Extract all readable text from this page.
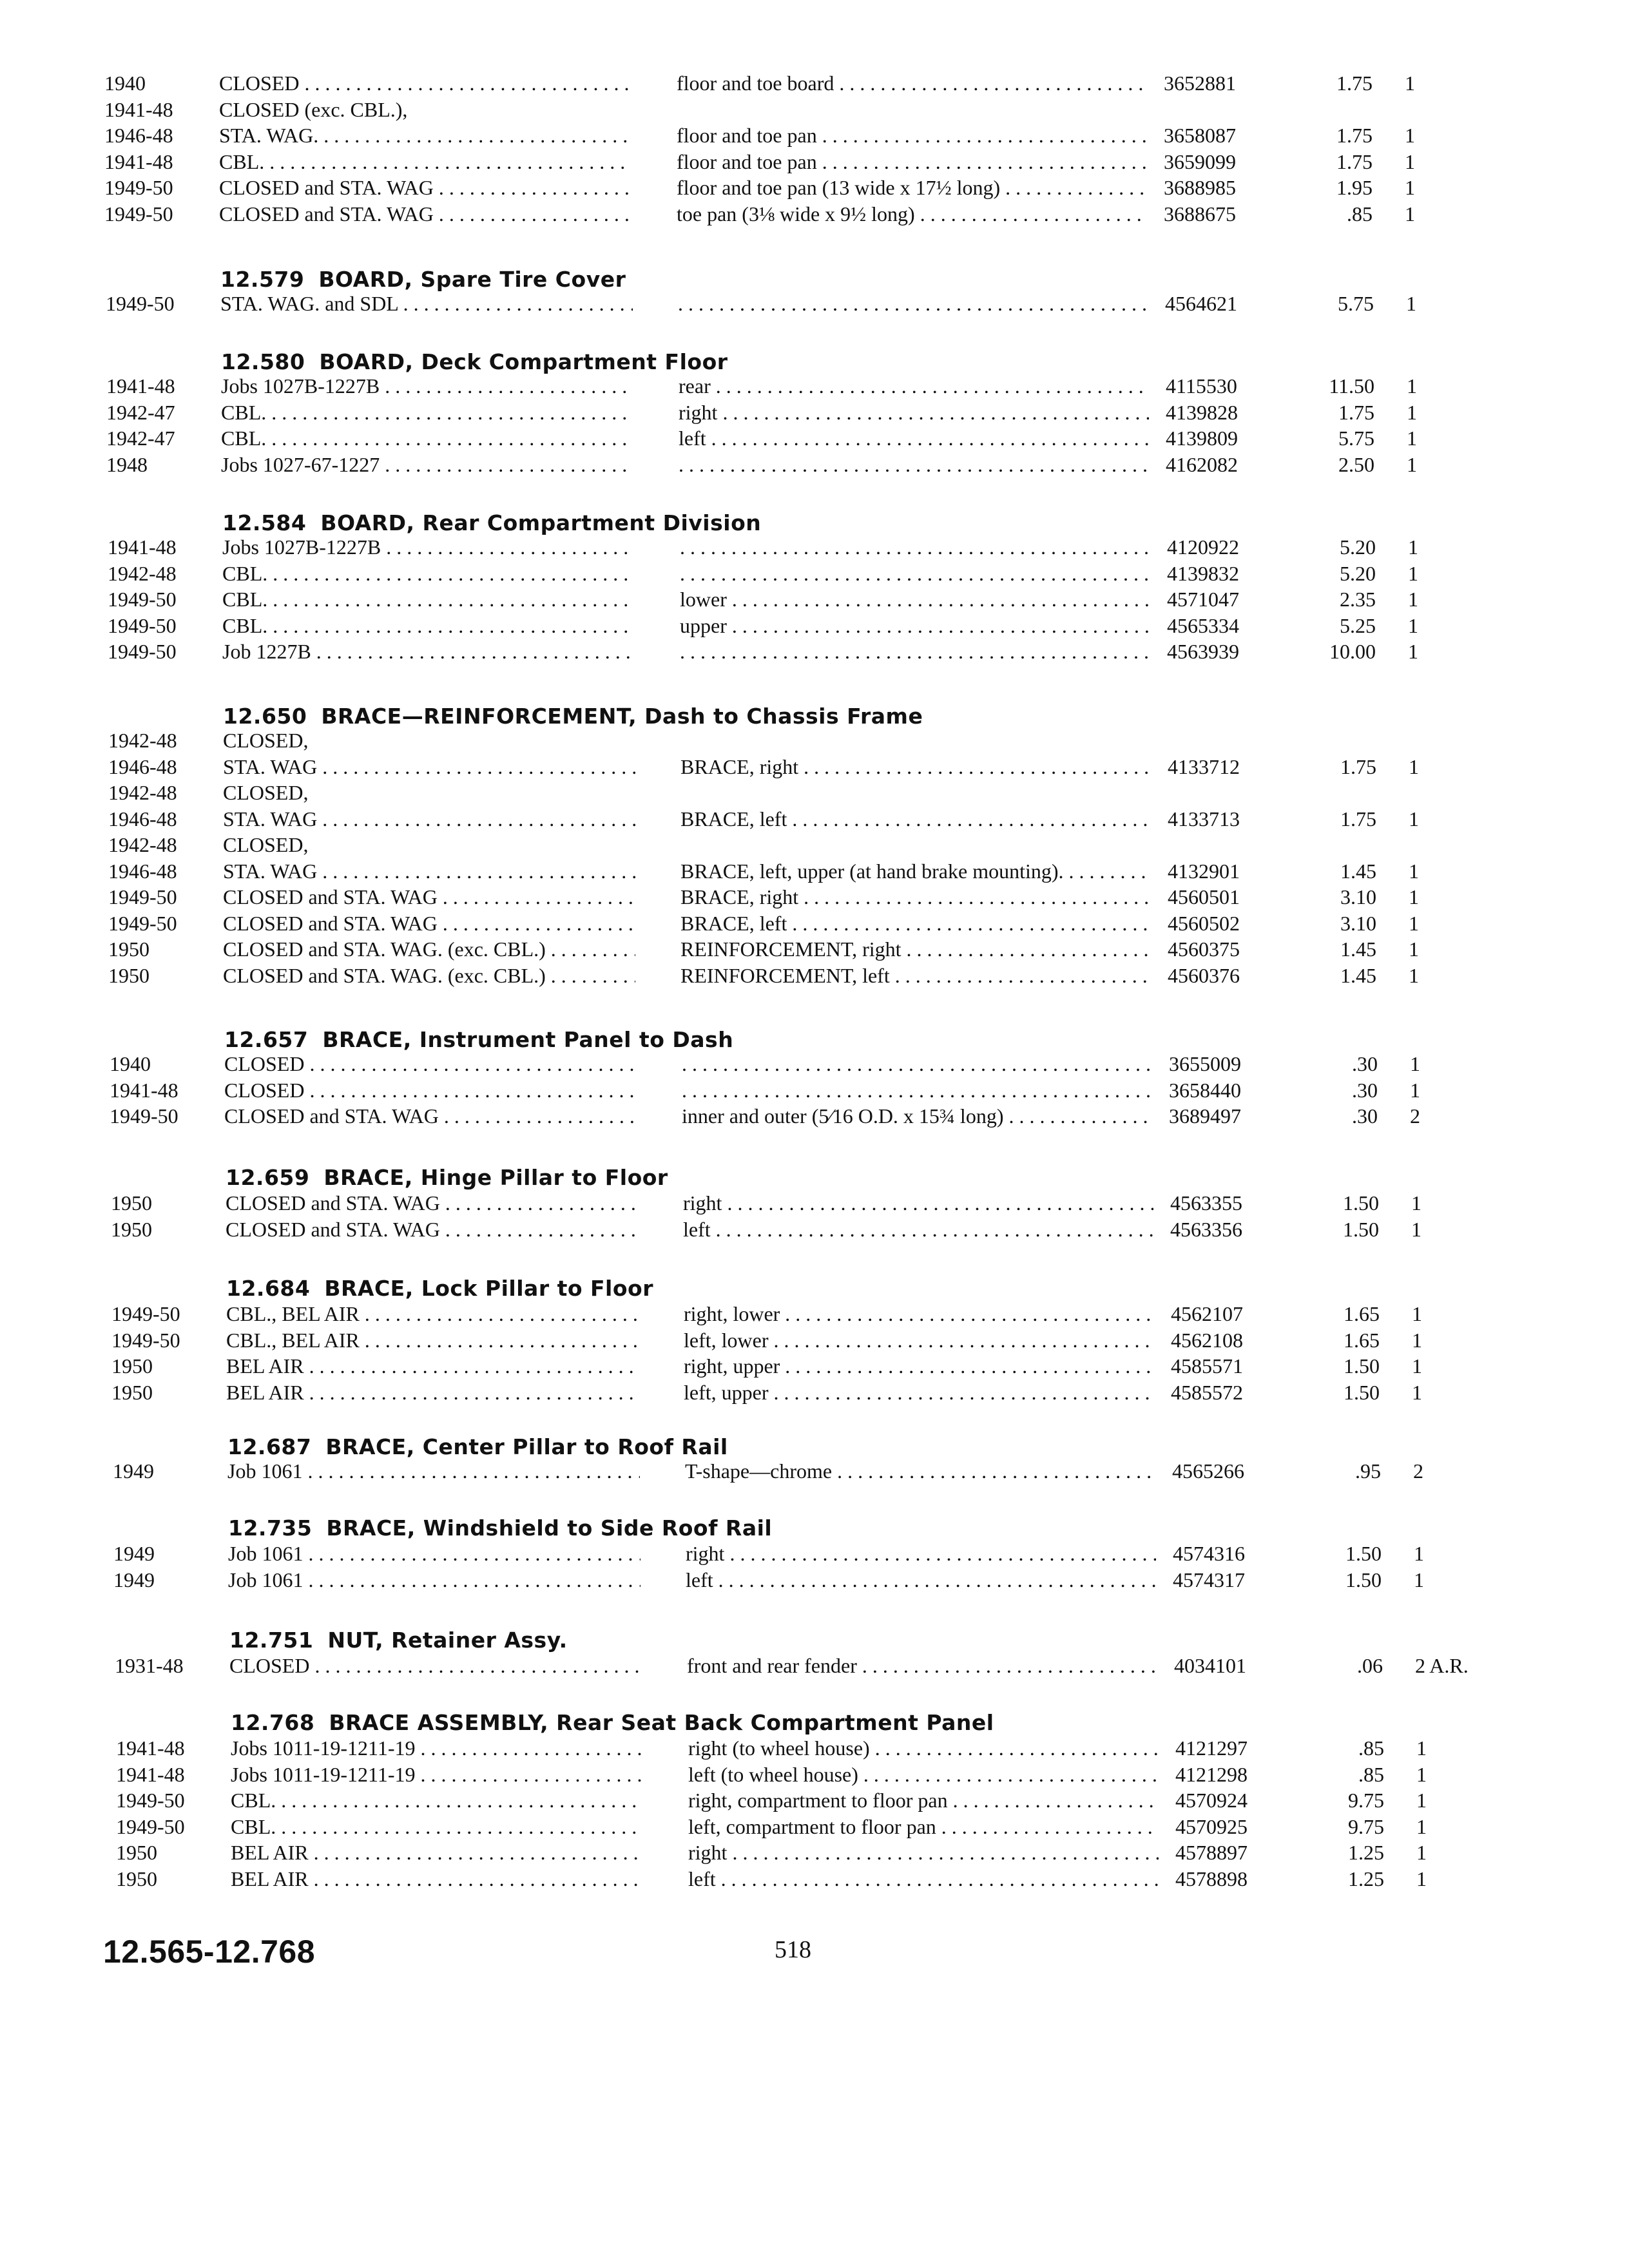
1940	CLOSED . . .	floor and toe board . . .	3652881	1.75 1
1941-48 CLOSED (exc. CBL.),
1946-48 STA. WAG. . . .	floor and toe pan . . .	3658087	1.75 1
1941-48 CBL. . . .	floor and toe pan . . .	3659099	1.75 1
1949-50 CLOSED and STA. WAG . . .	floor and toe pan (13 wide x 17½ long) . . .	3688985	1.95 1
1949-50 CLOSED and STA. WAG . . .	toe pan (3⅛ wide x 9½ long) . . .	3688675	.85 1
12.579 BOARD, Spare Tire Cover
1949-50 STA. WAG. and SDL . . . . . .	4564621	5.75 1
12.580 BOARD, Deck Compartment Floor
1941-48 Jobs 1027B-1227B . . .	rear . . .	4115530	11.50 1
1942-47 CBL. . . .	right . . .	4139828	1.75 1
1942-47 CBL. . . .	left . . .	4139809	5.75 1
1948	Jobs 1027-67-1227 . . . . . .	4162082	2.50 1
12.584 BOARD, Rear Compartment Division
1941-48 Jobs 1027B-1227B . . . . . .	4120922	5.20 1
1942-48 CBL. . . . . . .	4139832	5.20 1
1949-50 CBL. . . .	lower . . .	4571047	2.35 1
1949-50 CBL. . . .	upper . . .	4565334	5.25 1
1949-50 Job 1227B . . . . . .	4563939	10.00 1
12.650 BRACE—REINFORCEMENT, Dash to Chassis Frame
1942-48 CLOSED,
1946-48 STA. WAG . . .	BRACE, right . . .	4133712	1.75 1
1942-48 CLOSED,
1946-48 STA. WAG . . .	BRACE, left . . .	4133713	1.75 1
1942-48 CLOSED,
1946-48 STA. WAG . . .	BRACE, left, upper (at hand brake mounting). . . .	4132901	1.45 1
1949-50 CLOSED and STA. WAG . . .	BRACE, right . . .	4560501	3.10 1
1949-50 CLOSED and STA. WAG . . .	BRACE, left . . .	4560502	3.10 1
1950	CLOSED and STA. WAG. (exc. CBL.) . . .	REINFORCEMENT, right . . .	4560375	1.45 1
1950	CLOSED and STA. WAG. (exc. CBL.) . . .	REINFORCEMENT, left . . .	4560376	1.45 1
12.657 BRACE, Instrument Panel to Dash
1940	CLOSED . . . . . .	3655009	.30 1
1941-48 CLOSED . . . . . .	3658440	.30 1
1949-50 CLOSED and STA. WAG . . .	inner and outer (5⁄16 O.D. x 15¾ long) . . .	3689497	.30 2
12.659 BRACE, Hinge Pillar to Floor
1950	CLOSED and STA. WAG . . .	right . . .	4563355	1.50 1
1950	CLOSED and STA. WAG . . .	left . . .	4563356	1.50 1
12.684 BRACE, Lock Pillar to Floor
1949-50 CBL., BEL AIR . . .	right, lower . . .	4562107	1.65 1
1949-50 CBL., BEL AIR . . .	left, lower . . .	4562108	1.65 1
1950	BEL AIR . . .	right, upper . . .	4585571	1.50 1
1950	BEL AIR . . .	left, upper . . .	4585572	1.50 1
12.687 BRACE, Center Pillar to Roof Rail
1949	Job 1061 . . .	T-shape—chrome . . .	4565266	.95 2
12.735 BRACE, Windshield to Side Roof Rail
1949	Job 1061 . . .	right . . .	4574316	1.50 1
1949	Job 1061 . . .	left . . .	4574317	1.50 1
12.751 NUT, Retainer Assy.
1931-48 CLOSED . . .	front and rear fender . . .	4034101	.06 2 A.R.
12.768 BRACE ASSEMBLY, Rear Seat Back Compartment Panel
1941-48 Jobs 1011-19-1211-19 . . .	right (to wheel house) . . .	4121297	.85 1
1941-48 Jobs 1011-19-1211-19 . . .	left (to wheel house) . . .	4121298	.85 1
1949-50 CBL. . . .	right, compartment to floor pan . . .	4570924	9.75 1
1949-50 CBL. . . .	left, compartment to floor pan . . .	4570925	9.75 1
1950	BEL AIR . . .	right . . .	4578897	1.25 1
1950	BEL AIR . . .	left . . .	4578898	1.25 1
12.565-12.768	518
